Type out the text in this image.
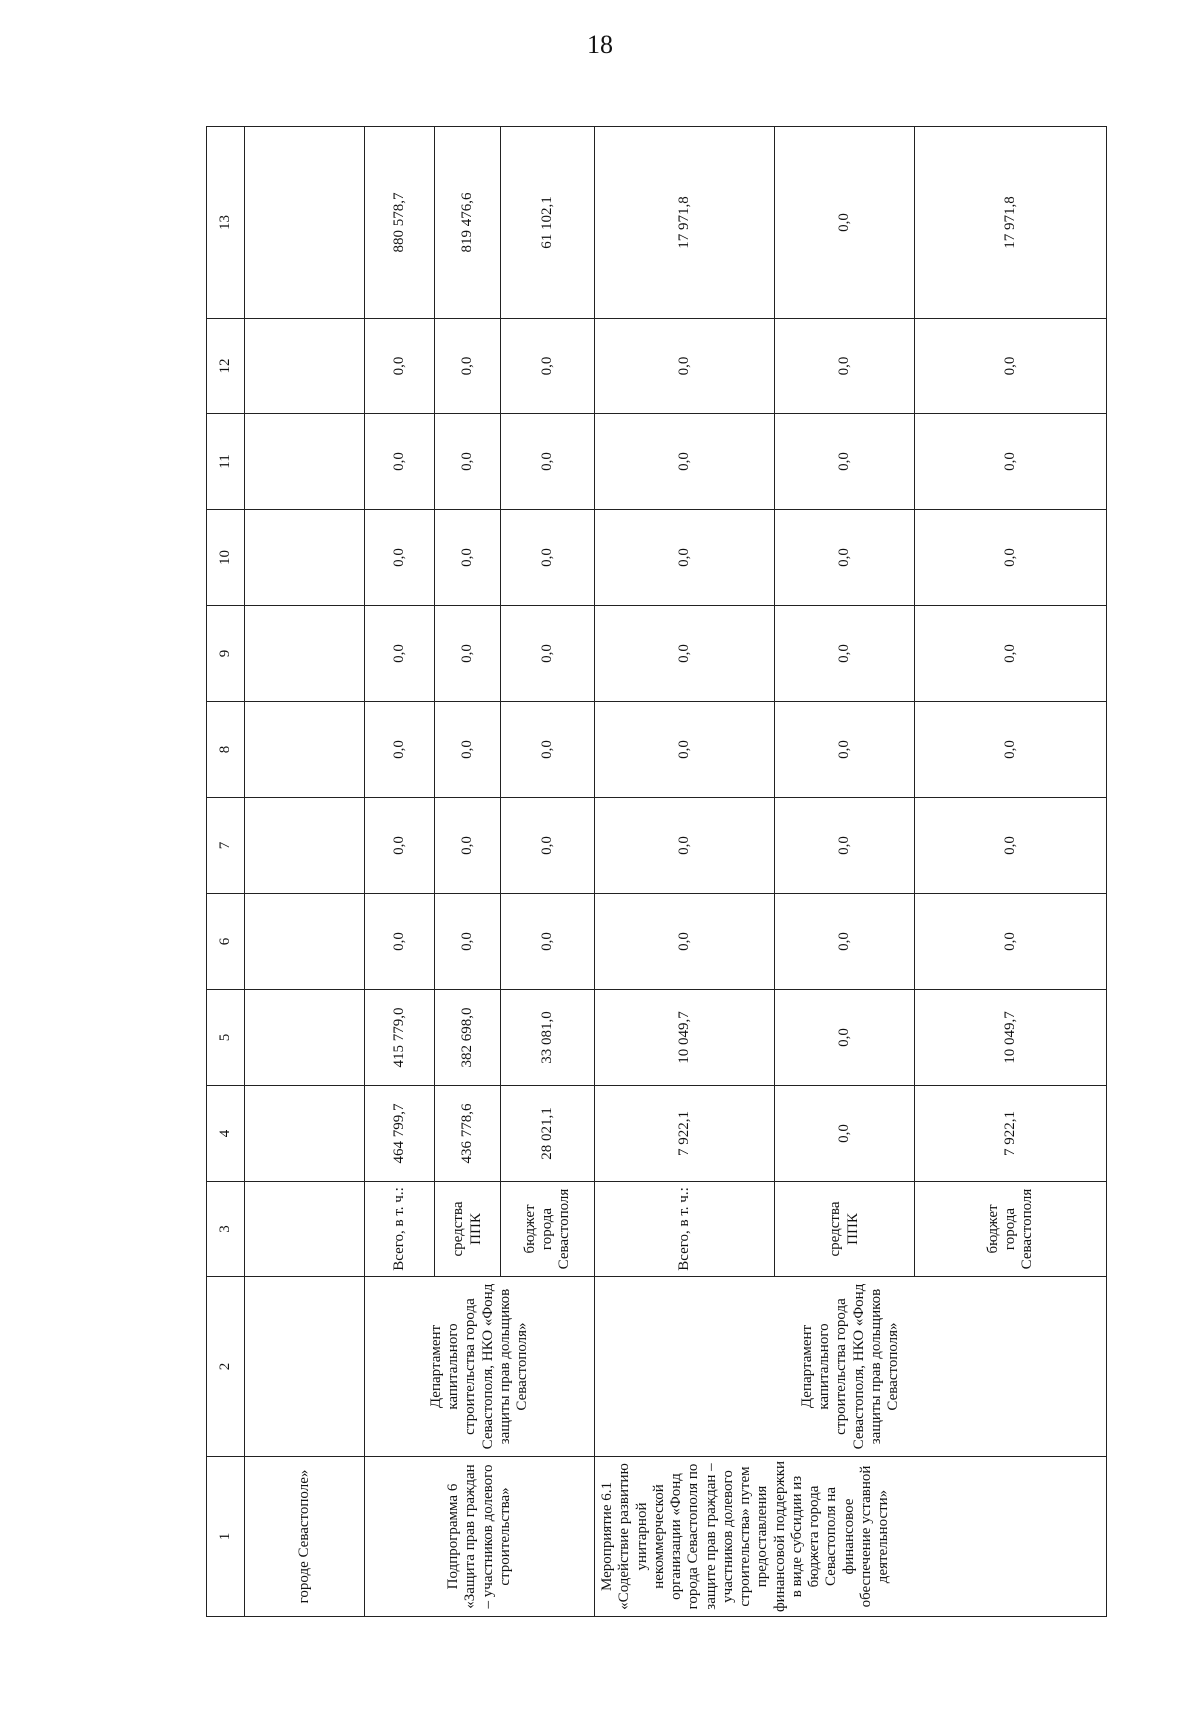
18
1	2	3	4	5	6	7	8	9	10	11	12	13
городе Севастополе»												
Подпрограмма 6 «Защита прав граждан – участников долевого строительства»	Департамент капитального строительства города Севастополя, НКО «Фонд защиты прав дольщиков Севастополя»	Всего, в т. ч.:	464 799,7	415 779,0	0,0	0,0	0,0	0,0	0,0	0,0	0,0	880 578,7
		средства ППК	436 778,6	382 698,0	0,0	0,0	0,0	0,0	0,0	0,0	0,0	819 476,6
		бюджет города Севастополя	28 021,1	33 081,0	0,0	0,0	0,0	0,0	0,0	0,0	0,0	61 102,1
Мероприятие 6.1 «Содействие развитию унитарной некоммерческой организации «Фонд города Севастополя по защите прав граждан – участников долевого строительства» путем предоставления финансовой поддержки в виде субсидии из бюджета города Севастополя на финансовое обеспечение уставной деятельности»	Департамент капитального строительства города Севастополя, НКО «Фонд защиты прав дольщиков Севастополя»	Всего, в т. ч.:	7 922,1	10 049,7	0,0	0,0	0,0	0,0	0,0	0,0	0,0	17 971,8
		средства ППК	0,0	0,0	0,0	0,0	0,0	0,0	0,0	0,0	0,0	0,0
		бюджет города Севастополя	7 922,1	10 049,7	0,0	0,0	0,0	0,0	0,0	0,0	0,0	17 971,8
